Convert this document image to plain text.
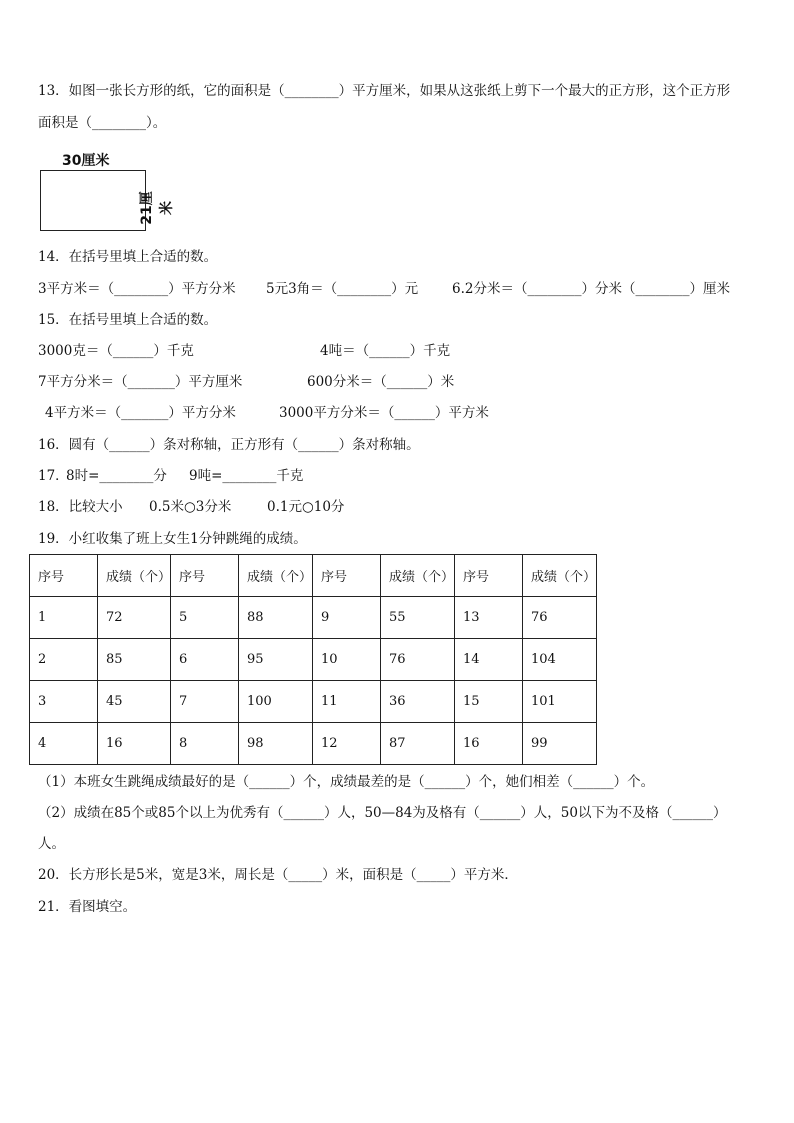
13．如图一张长方形的纸，它的面积是（________）平方厘米，如果从这张纸上剪下一个最大的正方形，这个正方形
面积是（________）。
30厘米
21厘米
14．在括号里填上合适的数。
3平方米＝（________）平方分米 5元3角＝（________）元	6.2分米＝（________）分米（________）厘米
15．在括号里填上合适的数。
3000克＝（______）千克	4吨＝（______）千克
7平方分米＝（_______）平方厘米	600分米＝（______）米
4平方米＝（_______）平方分米	3000平方分米＝（______）平方米
16．圆有（______）条对称轴，正方形有（______）条对称轴。
17．
8时=________分 9吨=________千克
18．比较大小 0.5米○3分米	0.1元○10分
19．小红收集了班上女生1分钟跳绳的成绩。
序号	成绩（个）	序号	成绩（个）	序号	成绩（个）	序号	成绩（个）
1	72	5	88	9	55	13	76
2	85	6	95	10	76	14	104
3	45	7	100	11	36	15	101
4	16	8	98	12	87	16	99
（1）本班女生跳绳成绩最好的是（______）个，成绩最差的是（______）个，她们相差（______）个。
（2）成绩在85个或85个以上为优秀有（______）人，50—84为及格有（______）人，50以下为不及格（______）
人。
20．长方形长是5米，宽是3米，周长是（_____）米，面积是（_____）平方米．
21．看图填空。
